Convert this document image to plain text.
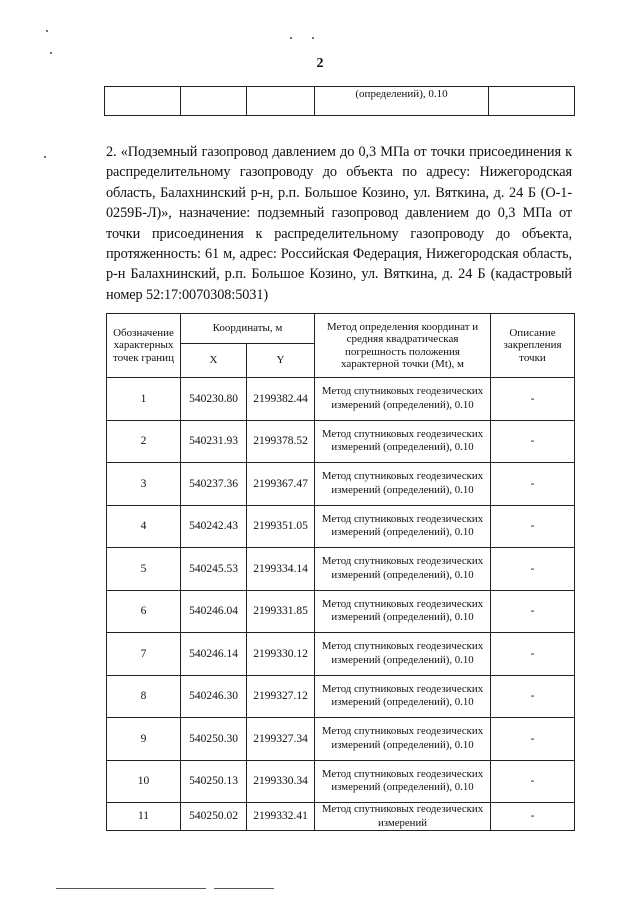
2
			(определений), 0.10	

2. «Подземный газопровод давлением до 0,3 МПа от точки присоединения к распределительному газопроводу до объекта по адресу: Нижегородская область, Балахнинский р-н, р.п. Большое Козино, ул. Вяткина, д. 24 Б (О-1-0259Б-Л)», назначение: подземный газопровод давлением до 0,3 МПа от точки присоединения к распределительному газопроводу до объекта, протяженность: 61 м, адрес: Российская Федерация, Нижегородская область, р-н Балахнинский, р.п. Большое Козино, ул. Вяткина, д. 24 Б (кадастровый номер 52:17:0070308:5031)

Обозначение характерных точек границ	Координаты, м		Метод определения координат и средняя квадратическая погрешность положения характерной точки (Mt), м	Описание закрепления точки
	X	Y		
1	540230.80	2199382.44	Метод спутниковых геодезических измерений (определений), 0.10	-
2	540231.93	2199378.52	Метод спутниковых геодезических измерений (определений), 0.10	-
3	540237.36	2199367.47	Метод спутниковых геодезических измерений (определений), 0.10	-
4	540242.43	2199351.05	Метод спутниковых геодезических измерений (определений), 0.10	-
5	540245.53	2199334.14	Метод спутниковых геодезических измерений (определений), 0.10	-
6	540246.04	2199331.85	Метод спутниковых геодезических измерений (определений), 0.10	-
7	540246.14	2199330.12	Метод спутниковых геодезических измерений (определений), 0.10	-
8	540246.30	2199327.12	Метод спутниковых геодезических измерений (определений), 0.10	-
9	540250.30	2199327.34	Метод спутниковых геодезических измерений (определений), 0.10	-
10	540250.13	2199330.34	Метод спутниковых геодезических измерений (определений), 0.10	-
11	540250.02	2199332.41	Метод спутниковых геодезических измерений	-
